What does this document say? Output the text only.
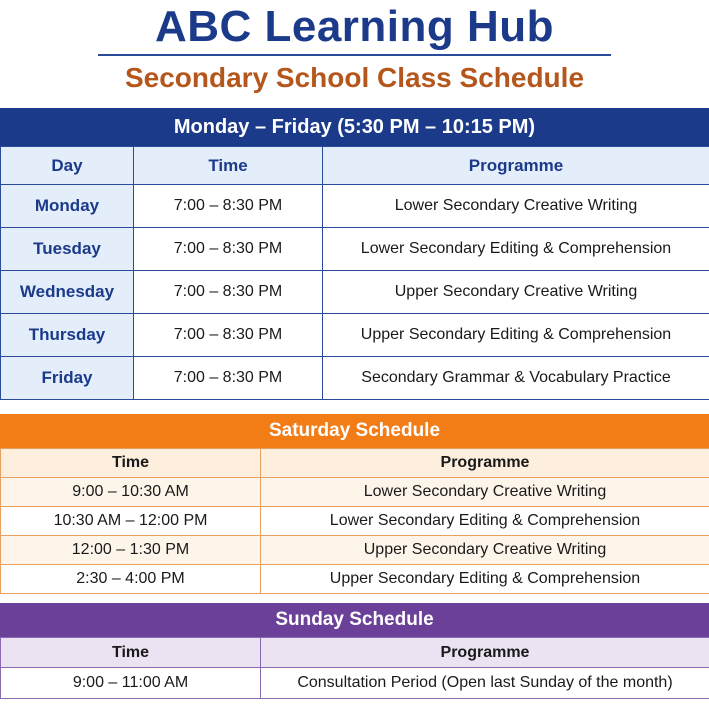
ABC Learning Hub
Secondary School Class Schedule
Monday – Friday (5:30 PM – 10:15 PM)
Day	Time	Programme
Monday	7:00 – 8:30 PM	Lower Secondary Creative Writing
Tuesday	7:00 – 8:30 PM	Lower Secondary Editing & Comprehension
Wednesday	7:00 – 8:30 PM	Upper Secondary Creative Writing
Thursday	7:00 – 8:30 PM	Upper Secondary Editing & Comprehension
Friday	7:00 – 8:30 PM	Secondary Grammar & Vocabulary Practice
Saturday Schedule
Time	Programme
9:00 – 10:30 AM	Lower Secondary Creative Writing
10:30 AM – 12:00 PM	Lower Secondary Editing & Comprehension
12:00 – 1:30 PM	Upper Secondary Creative Writing
2:30 – 4:00 PM	Upper Secondary Editing & Comprehension
Sunday Schedule
Time	Programme
9:00 – 11:00 AM	Consultation Period (Open last Sunday of the month)
